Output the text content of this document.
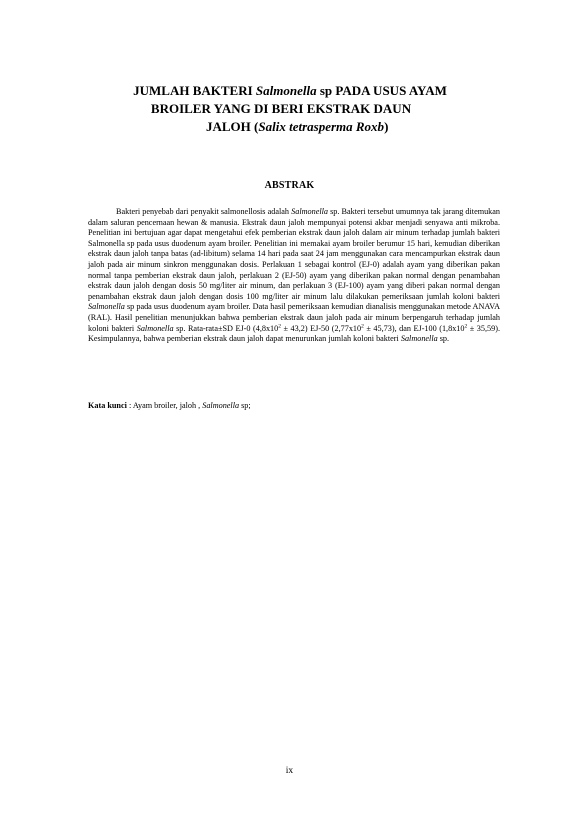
JUMLAH BAKTERI Salmonella sp PADA USUS AYAM
BROILER YANG DI BERI EKSTRAK DAUN
JALOH (Salix tetrasperma Roxb)
ABSTRAK

Bakteri penyebab dari penyakit salmonellosis adalah Salmonella sp. Bakteri tersebut umumnya tak jarang ditemukan dalam saluran pencernaan hewan & manusia. Ekstrak daun jaloh mempunyai potensi akbar menjadi senyawa anti mikroba. Penelitian ini bertujuan agar dapat mengetahui efek pemberian ekstrak daun jaloh dalam air minum terhadap jumlah bakteri Salmonella sp pada usus duodenum ayam broiler. Penelitian ini memakai ayam broiler berumur 15 hari, kemudian diberikan ekstrak daun jaloh tanpa batas (ad-libitum) selama 14 hari pada saat 24 jam menggunakan cara mencampurkan ekstrak daun jaloh pada air minum sinkron menggunakan dosis. Perlakuan 1 sebagai kontrol (EJ-0) adalah ayam yang diberikan pakan normal tanpa pemberian ekstrak daun jaloh, perlakuan 2 (EJ-50) ayam yang diberikan pakan normal dengan penambahan ekstrak daun jaloh dengan dosis 50 mg/liter air minum, dan perlakuan 3 (EJ-100) ayam yang diberi pakan normal dengan penambahan ekstrak daun jaloh dengan dosis 100 mg/liter air minum lalu dilakukan pemeriksaan jumlah koloni bakteri Salmonella sp pada usus duodenum ayam broiler. Data hasil pemeriksaan kemudian dianalisis menggunakan metode ANAVA (RAL). Hasil penelitian menunjukkan bahwa pemberian ekstrak daun jaloh pada air minum berpengaruh terhadap jumlah koloni bakteri Salmonella sp. Rata-rata±SD EJ-0 $(4,8x10^2 \pm 43,2)$ EJ-50 $(2,77x10^2 \pm 45,73)$, dan EJ-100 $(1,8x10^2 \pm 35,59)$. Kesimpulannya, bahwa pemberian ekstrak daun jaloh dapat menurunkan jumlah koloni bakteri Salmonella sp.

Kata kunci : Ayam broiler, jaloh , Salmonella sp;
ix
